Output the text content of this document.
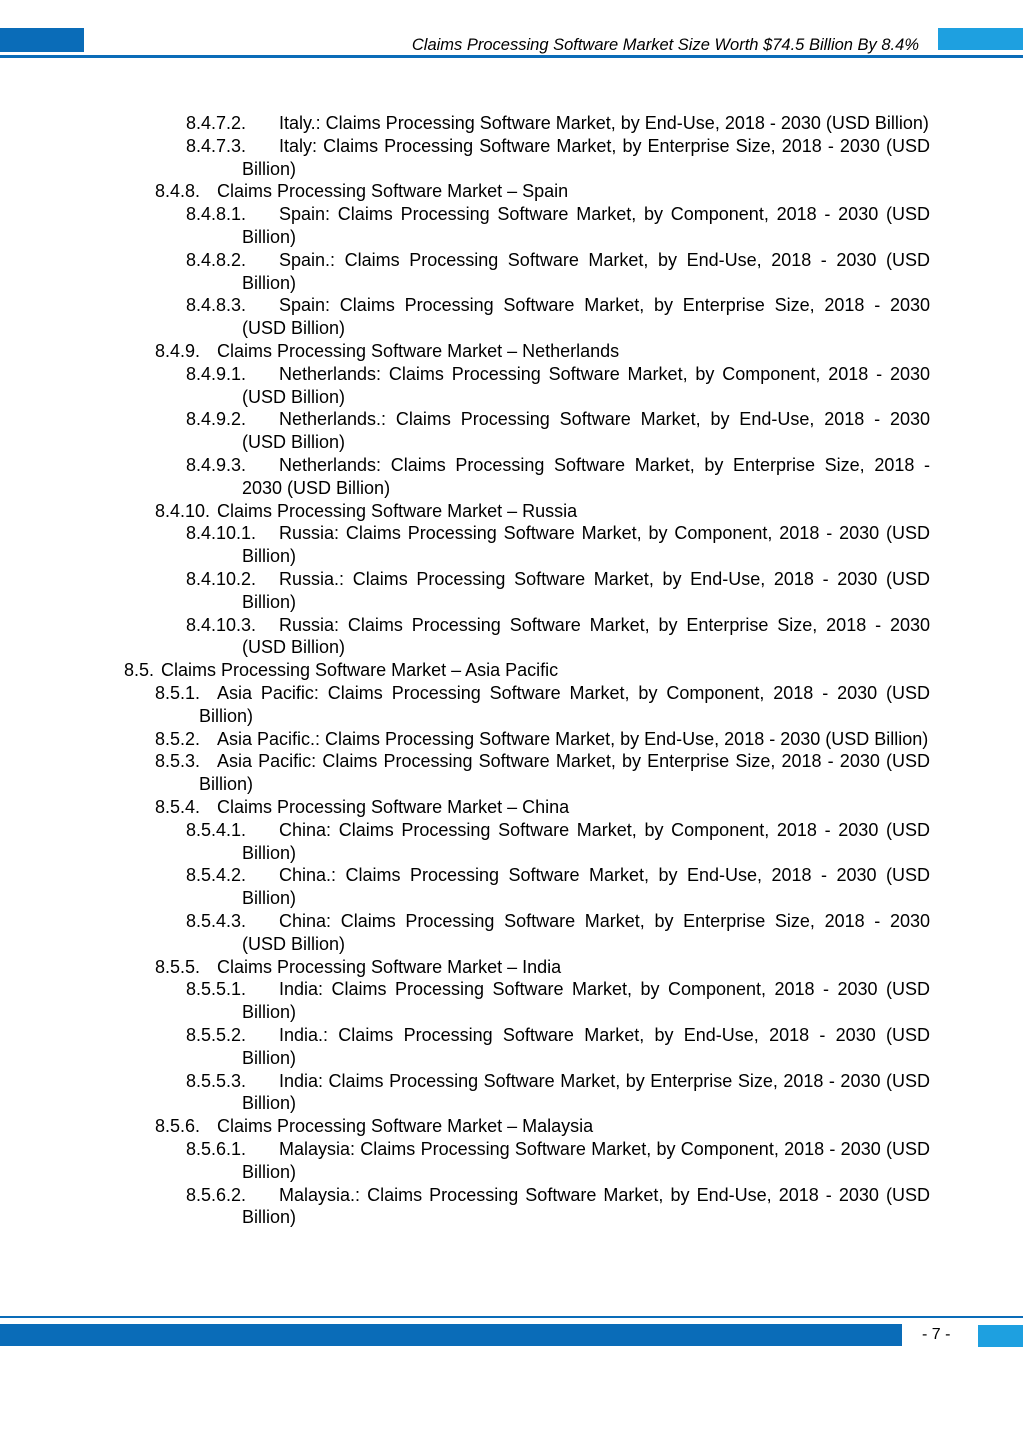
Claims Processing Software Market Size Worth $74.5 Billion By 8.4%
8.4.7.2.	Italy.: Claims Processing Software Market, by End-Use, 2018 - 2030 (USD Billion)
8.4.7.3.	Italy: Claims Processing Software Market, by Enterprise Size, 2018 - 2030 (USD Billion)
8.4.8. Claims Processing Software Market – Spain
8.4.8.1.	Spain: Claims Processing Software Market, by Component, 2018 - 2030 (USD Billion)
8.4.8.2.	Spain.: Claims Processing Software Market, by End-Use, 2018 - 2030 (USD Billion)
8.4.8.3.	Spain: Claims Processing Software Market, by Enterprise Size, 2018 - 2030 (USD Billion)
8.4.9. Claims Processing Software Market – Netherlands
8.4.9.1.	Netherlands: Claims Processing Software Market, by Component, 2018 - 2030 (USD Billion)
8.4.9.2.	Netherlands.: Claims Processing Software Market, by End-Use, 2018 - 2030 (USD Billion)
8.4.9.3.	Netherlands: Claims Processing Software Market, by Enterprise Size, 2018 - 2030 (USD Billion)
8.4.10. Claims Processing Software Market – Russia
8.4.10.1.	Russia: Claims Processing Software Market, by Component, 2018 - 2030 (USD Billion)
8.4.10.2.	Russia.: Claims Processing Software Market, by End-Use, 2018 - 2030 (USD Billion)
8.4.10.3.	Russia: Claims Processing Software Market, by Enterprise Size, 2018 - 2030 (USD Billion)
8.5. Claims Processing Software Market – Asia Pacific
8.5.1. Asia Pacific: Claims Processing Software Market, by Component, 2018 - 2030 (USD Billion)
8.5.2. Asia Pacific.: Claims Processing Software Market, by End-Use, 2018 - 2030 (USD Billion)
8.5.3. Asia Pacific: Claims Processing Software Market, by Enterprise Size, 2018 - 2030 (USD Billion)
8.5.4. Claims Processing Software Market – China
8.5.4.1.	China: Claims Processing Software Market, by Component, 2018 - 2030 (USD Billion)
8.5.4.2.	China.: Claims Processing Software Market, by End-Use, 2018 - 2030 (USD Billion)
8.5.4.3.	China: Claims Processing Software Market, by Enterprise Size, 2018 - 2030 (USD Billion)
8.5.5. Claims Processing Software Market – India
8.5.5.1.	India: Claims Processing Software Market, by Component, 2018 - 2030 (USD Billion)
8.5.5.2.	India.: Claims Processing Software Market, by End-Use, 2018 - 2030 (USD Billion)
8.5.5.3.	India: Claims Processing Software Market, by Enterprise Size, 2018 - 2030 (USD Billion)
8.5.6. Claims Processing Software Market – Malaysia
8.5.6.1.	Malaysia: Claims Processing Software Market, by Component, 2018 - 2030 (USD Billion)
8.5.6.2.	Malaysia.: Claims Processing Software Market, by End-Use, 2018 - 2030 (USD Billion)
- 7 -
